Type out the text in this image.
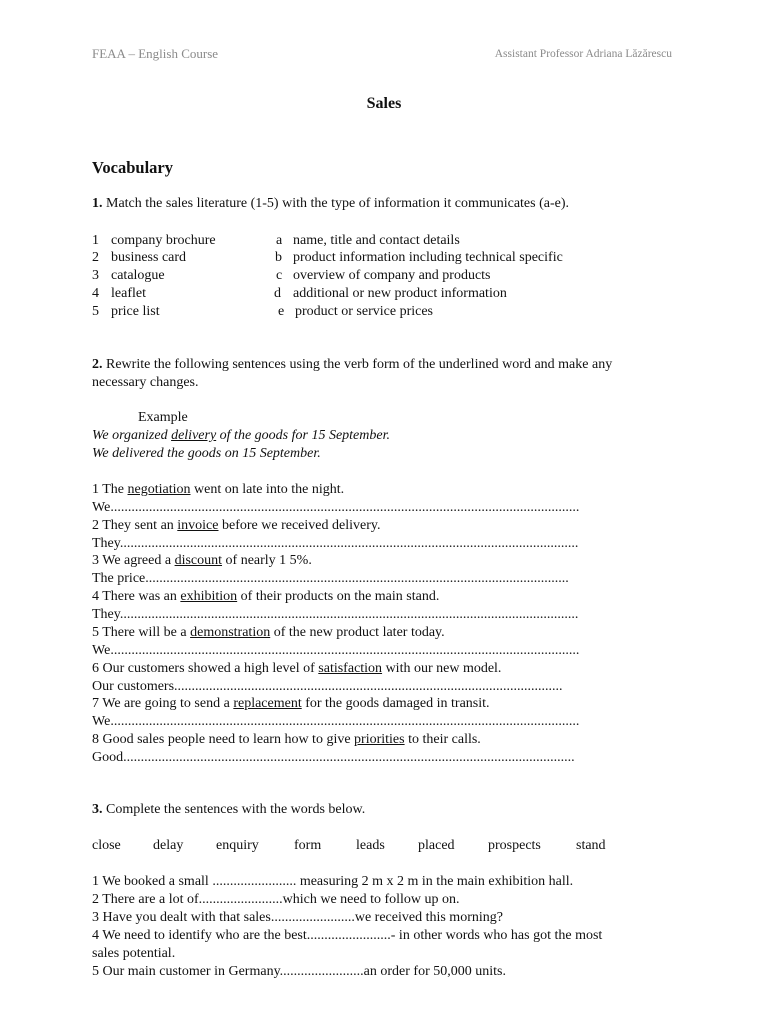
FEAA – English Course	Assistant Professor Adriana Lăzărescu
Sales
Vocabulary
1. Match the sales literature (1-5) with the type of information it communicates (a-e).
1 company brochure	a name, title and contact details
2 business card	b product information including technical specific
3 catalogue	c overview of company and products
4 leaflet	d additional or new product information
5 price list	e product or service prices
2. Rewrite the following sentences using the verb form of the underlined word and make any
necessary changes.
Example
We organized delivery of the goods for 15 September.
We delivered the goods on 15 September.
1 The negotiation went on late into the night.
We......................................................................................................................................
2 They sent an invoice before we received delivery.
They...................................................................................................................................
3 We agreed a discount of nearly 1 5%.
The price.........................................................................................................................
4 There was an exhibition of their products on the main stand.
They...................................................................................................................................
5 There will be a demonstration of the new product later today.
We......................................................................................................................................
6 Our customers showed a high level of satisfaction with our new model.
Our customers...............................................................................................................
7 We are going to send a replacement for the goods damaged in transit.
We......................................................................................................................................
8 Good sales people need to learn how to give priorities to their calls.
Good.................................................................................................................................
3. Complete the sentences with the words below.
close delay enquiry	form leads placed prospects	stand
1 We booked a small ........................ measuring 2 m x 2 m in the main exhibition hall.
2 There are a lot of........................which we need to follow up on.
3 Have you dealt with that sales........................we received this morning?
4 We need to identify who are the best........................- in other words who has got the most
sales potential.
5 Our main customer in Germany........................an order for 50,000 units.
